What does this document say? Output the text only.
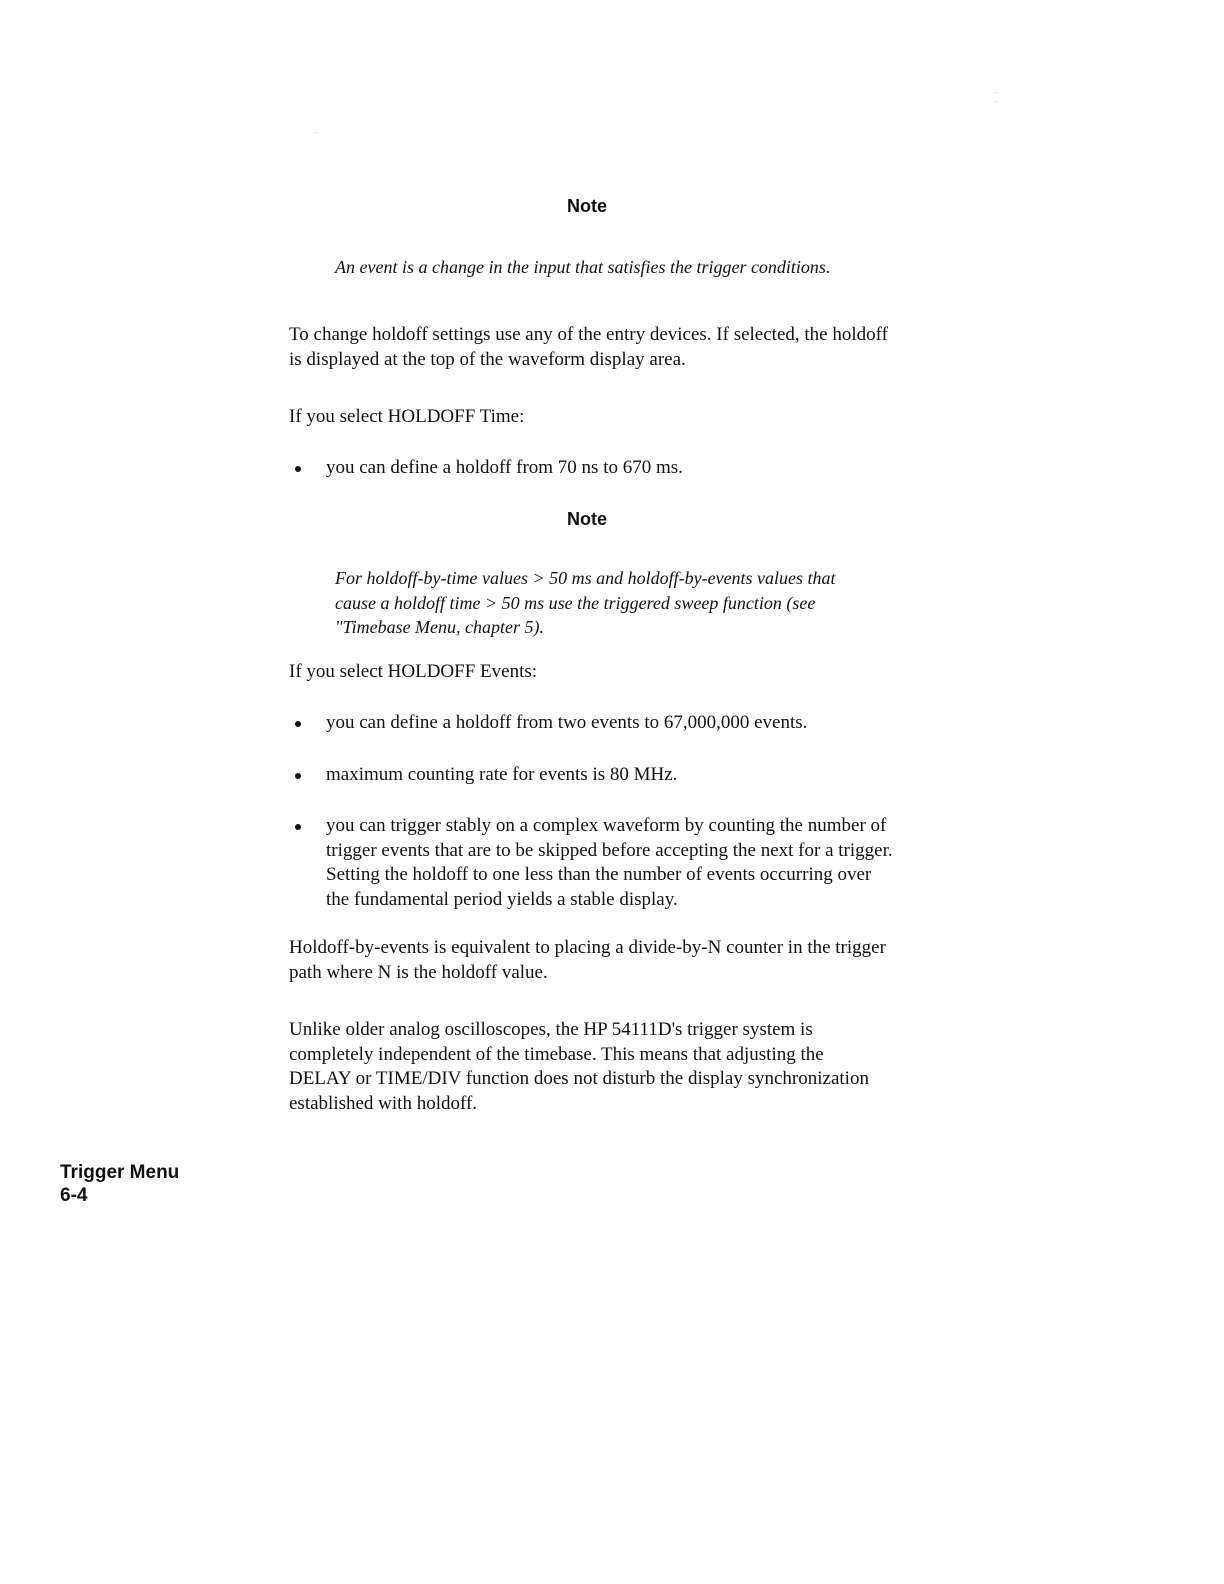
Note
An event is a change in the input that satisfies the trigger conditions.
To change holdoff settings use any of the entry devices. If selected, the holdoff is displayed at the top of the waveform display area.
If you select HOLDOFF Time:
you can define a holdoff from 70 ns to 670 ms.
Note
For holdoff-by-time values > 50 ms and holdoff-by-events values that cause a holdoff time > 50 ms use the triggered sweep function (see "Timebase Menu, chapter 5).
If you select HOLDOFF Events:
you can define a holdoff from two events to 67,000,000 events.
maximum counting rate for events is 80 MHz.
you can trigger stably on a complex waveform by counting the number of trigger events that are to be skipped before accepting the next for a trigger. Setting the holdoff to one less than the number of events occurring over the fundamental period yields a stable display.
Holdoff-by-events is equivalent to placing a divide-by-N counter in the trigger path where N is the holdoff value.
Unlike older analog oscilloscopes, the HP 54111D's trigger system is completely independent of the timebase. This means that adjusting the DELAY or TIME/DIV function does not disturb the display synchronization established with holdoff.
Trigger Menu
6-4
